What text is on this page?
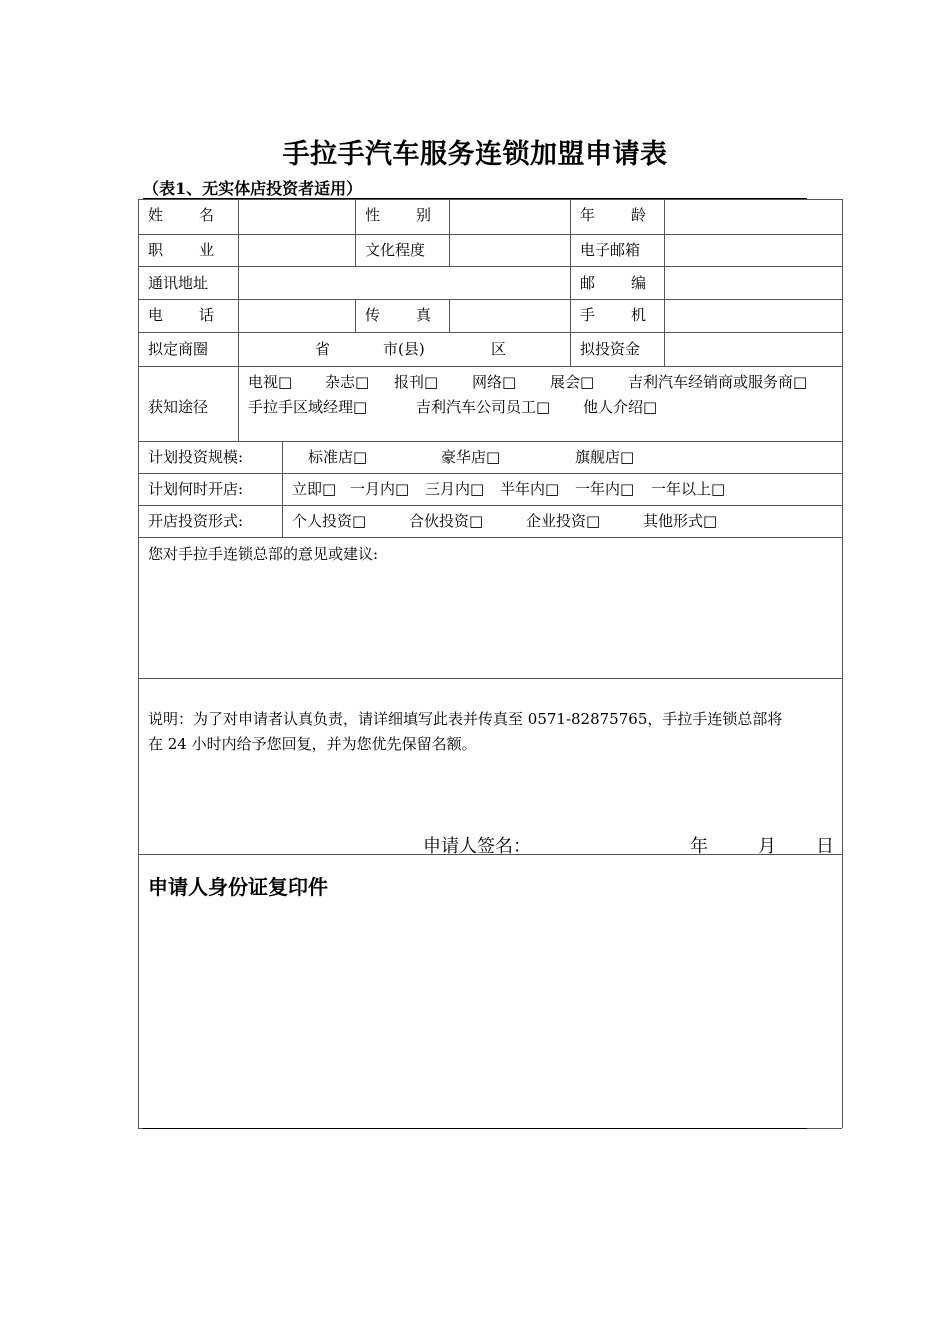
手拉手汽车服务连锁加盟申请表
（表1、无实体店投资者适用）
姓 名	性 别	年 龄
职 业	文化程度	电子邮箱
通讯地址	邮 编
电 话	传 真	手 机
拟定商圈	省	市(县)	区	拟投资金
获知途径
电视□ 杂志□ 报刊□ 网络□ 展会□ 吉利汽车经销商或服务商□
手拉手区域经理□	吉利汽车公司员工□ 他人介绍□
计划投资规模:	标准店□	豪华店□	旗舰店□
计划何时开店:	立即□ 一月内□ 三月内□ 半年内□ 一年内□ 一年以上□
开店投资形式:	个人投资□	合伙投资□	企业投资□	其他形式□
您对手拉手连锁总部的意见或建议:
说明：为了对申请者认真负责，请详细填写此表并传真至 0571-82875765，手拉手连锁总部将
在 24 小时内给予您回复，并为您优先保留名额。
申请人签名：	年	月 日
申请人身份证复印件
